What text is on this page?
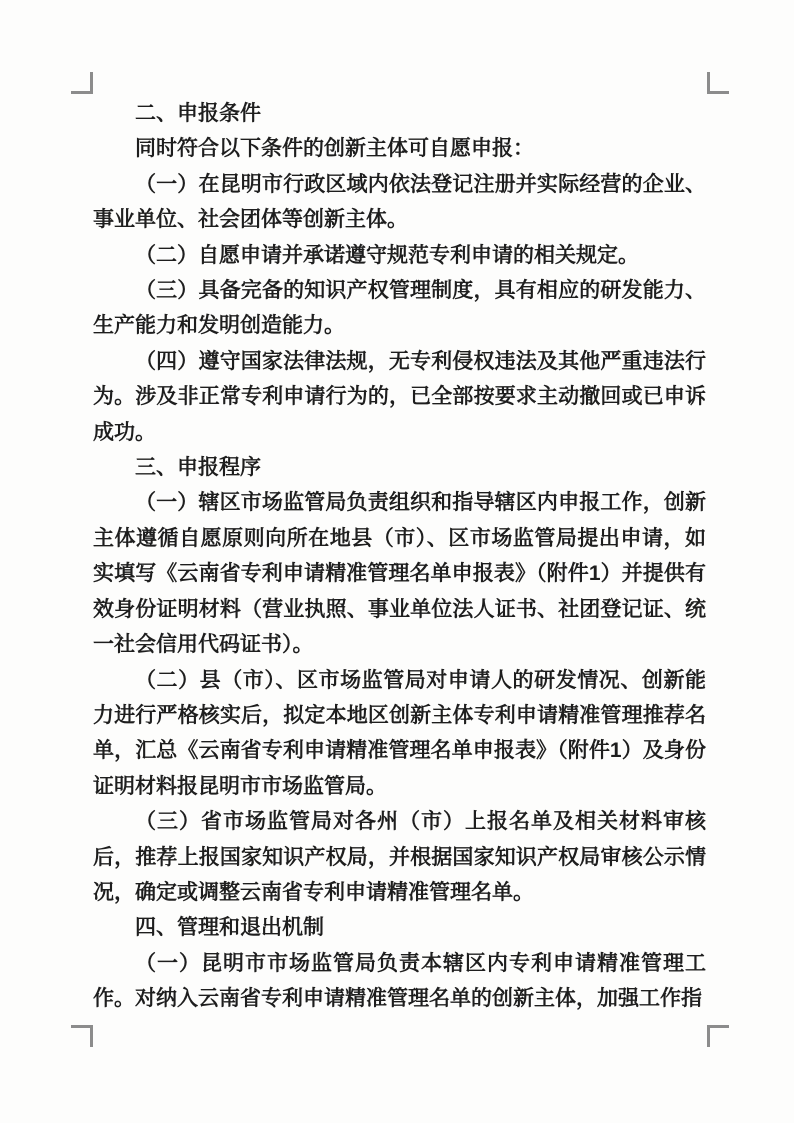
二、申报条件

同时符合以下条件的创新主体可自愿申报：

（一）在昆明市行政区域内依法登记注册并实际经营的企业、事业单位、社会团体等创新主体。

（二）自愿申请并承诺遵守规范专利申请的相关规定。

（三）具备完备的知识产权管理制度，具有相应的研发能力、生产能力和发明创造能力。

（四）遵守国家法律法规，无专利侵权违法及其他严重违法行为。涉及非正常专利申请行为的，已全部按要求主动撤回或已申诉成功。

三、申报程序

（一）辖区市场监管局负责组织和指导辖区内申报工作，创新主体遵循自愿原则向所在地县（市）、区市场监管局提出申请，如实填写《云南省专利申请精准管理名单申报表》（附件1）并提供有效身份证明材料（营业执照、事业单位法人证书、社团登记证、统一社会信用代码证书）。

（二）县（市）、区市场监管局对申请人的研发情况、创新能力进行严格核实后，拟定本地区创新主体专利申请精准管理推荐名单，汇总《云南省专利申请精准管理名单申报表》（附件1）及身份证明材料报昆明市市场监管局。

（三）省市场监管局对各州（市）上报名单及相关材料审核后，推荐上报国家知识产权局，并根据国家知识产权局审核公示情况，确定或调整云南省专利申请精准管理名单。

四、管理和退出机制

（一）昆明市市场监管局负责本辖区内专利申请精准管理工作。对纳入云南省专利申请精准管理名单的创新主体，加强工作指
